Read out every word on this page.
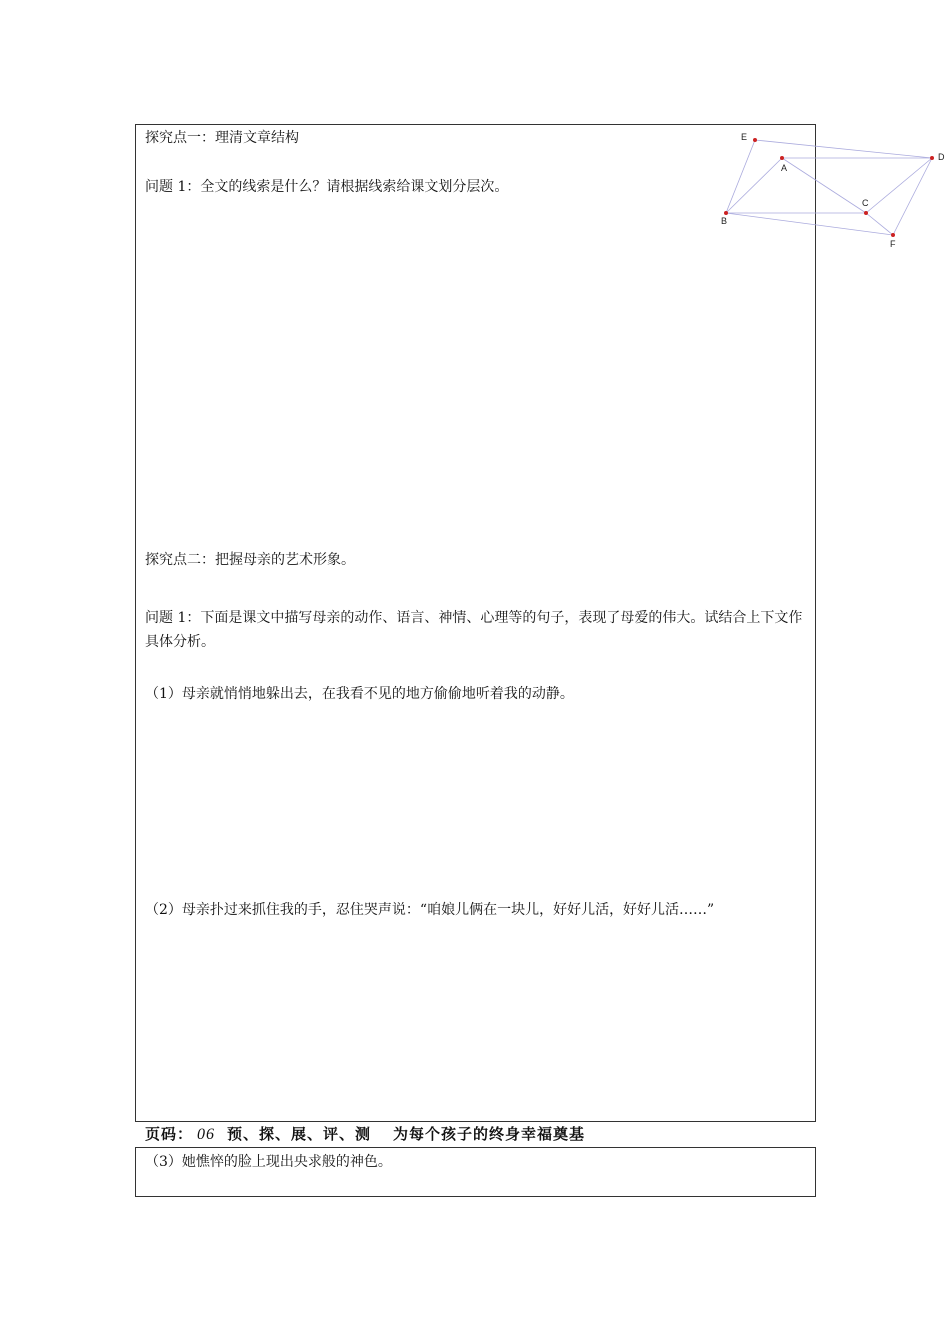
探究点一：理清文章结构
问题 1：全文的线索是什么？请根据线索给课文划分层次。
E
D
A
C
B
F
探究点二：把握母亲的艺术形象。
问题 1：下面是课文中描写母亲的动作、语言、神情、心理等的句子，表现了母爱的伟大。试结合上下文作具体分析。
（1）母亲就悄悄地躲出去，在我看不见的地方偷偷地听着我的动静。
（2）母亲扑过来抓住我的手，忍住哭声说：“咱娘儿俩在一块儿，好好儿活，好好儿活……”
页码： 06 预、探、展、评、测 为每个孩子的终身幸福奠基
（3）她憔悴的脸上现出央求般的神色。
